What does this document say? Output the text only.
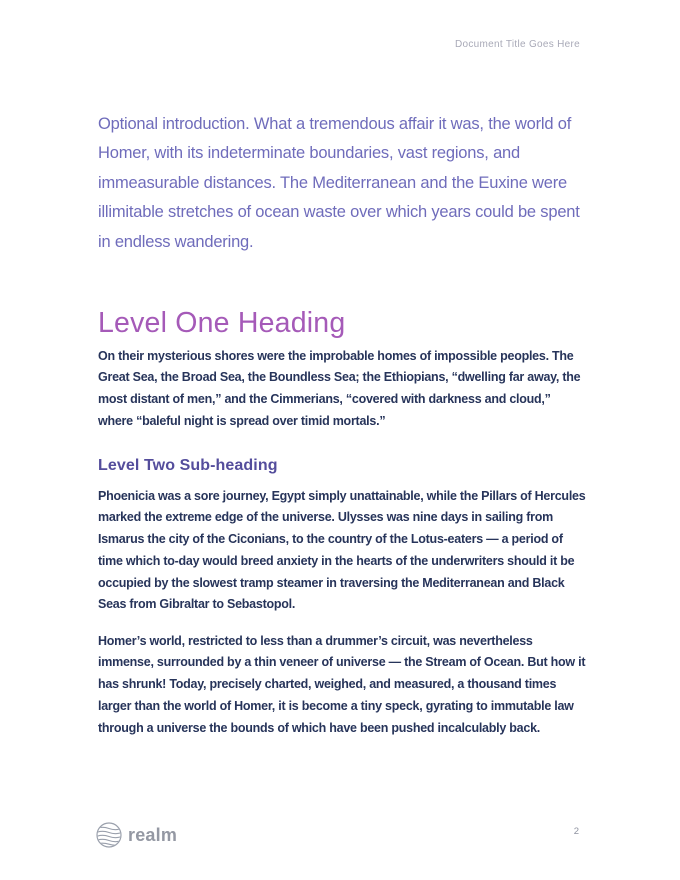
Document Title Goes Here

Optional introduction. What a tremendous affair it was, the world of Homer, with its indeterminate boundaries, vast regions, and immeasurable distances. The Mediterranean and the Euxine were illimitable stretches of ocean waste over which years could be spent in endless wandering.

Level One Heading

On their mysterious shores were the improbable homes of impossible peoples. The Great Sea, the Broad Sea, the Boundless Sea; the Ethiopians, “dwelling far away, the most distant of men,” and the Cimmerians, “covered with darkness and cloud,” where “baleful night is spread over timid mortals.”

Level Two Sub-heading

Phoenicia was a sore journey, Egypt simply unattainable, while the Pillars of Hercules marked the extreme edge of the universe. Ulysses was nine days in sailing from Ismarus the city of the Ciconians, to the country of the Lotus-eaters — a period of time which to-day would breed anxiety in the hearts of the underwriters should it be occupied by the slowest tramp steamer in traversing the Mediterranean and Black Seas from Gibraltar to Sebastopol.

Homer’s world, restricted to less than a drummer’s circuit, was nevertheless immense, surrounded by a thin veneer of universe — the Stream of Ocean. But how it has shrunk! Today, precisely charted, weighed, and measured, a thousand times larger than the world of Homer, it is become a tiny speck, gyrating to immutable law through a universe the bounds of which have been pushed incalculably back.

realm	2
